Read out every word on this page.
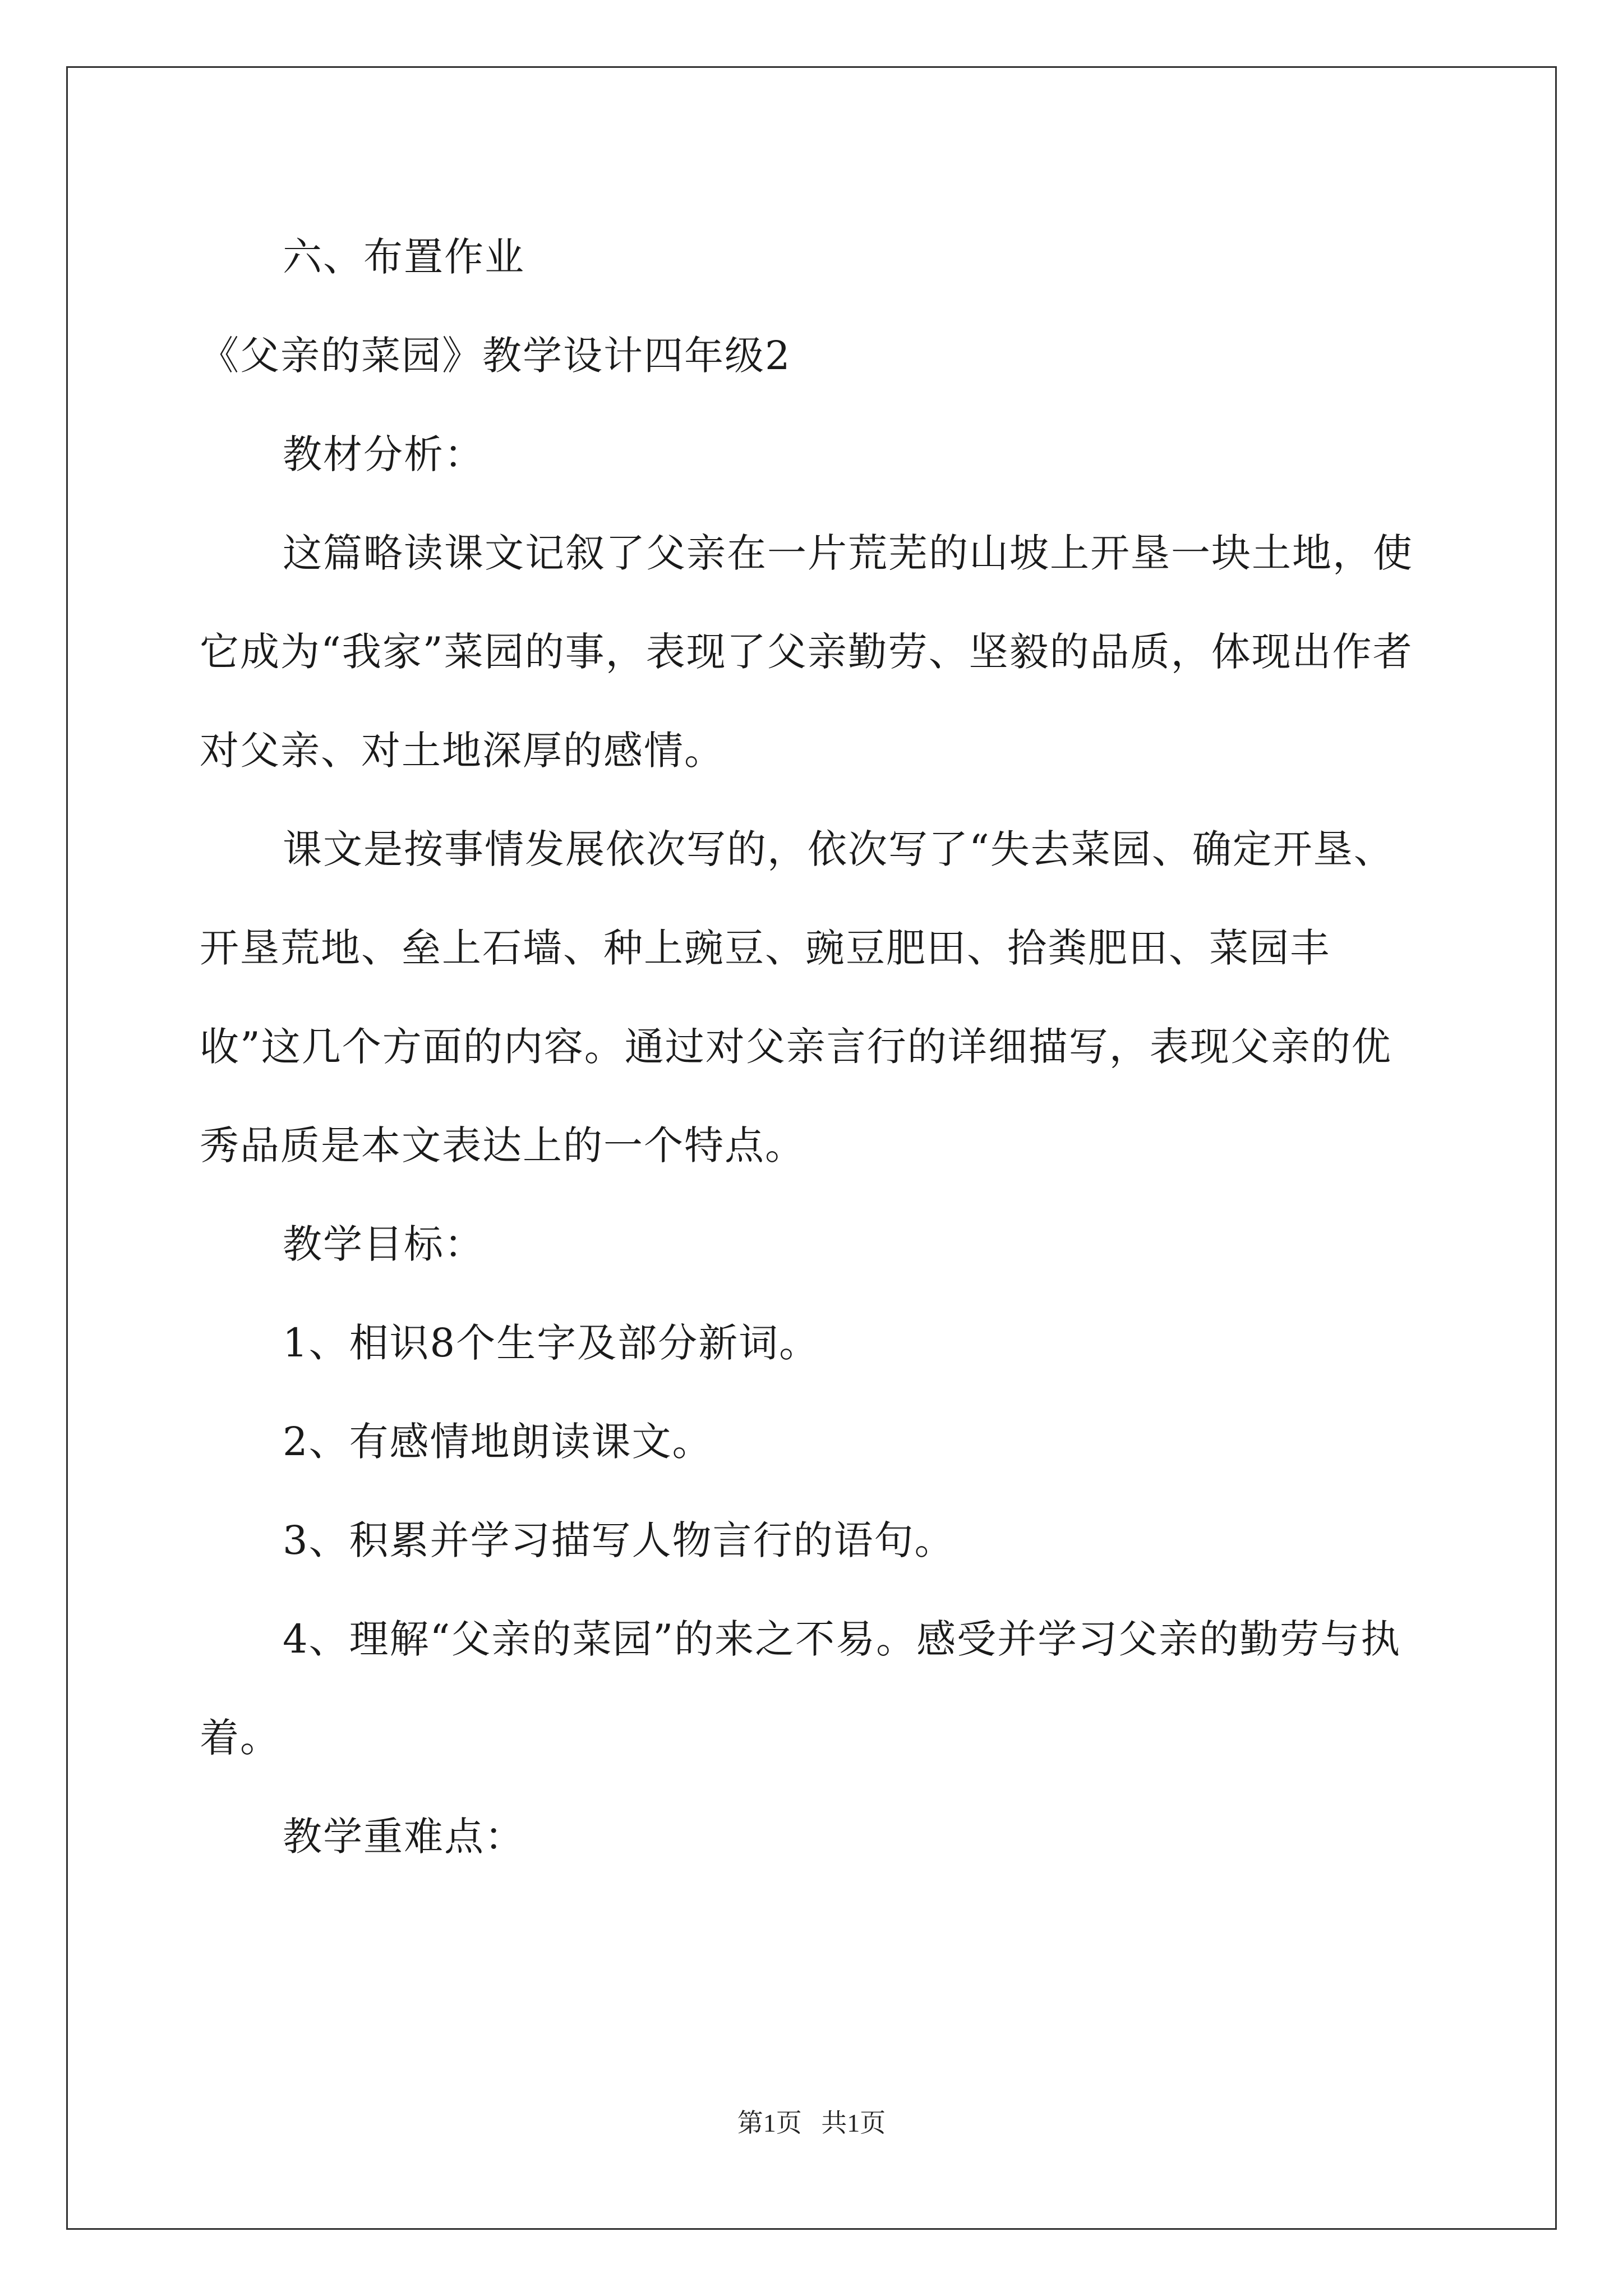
六、布置作业

《父亲的菜园》教学设计四年级2

教材分析：

这篇略读课文记叙了父亲在一片荒芜的山坡上开垦一块土地，使它成为“我家”菜园的事，表现了父亲勤劳、坚毅的品质，体现出作者对父亲、对土地深厚的感情。

课文是按事情发展依次写的，依次写了“失去菜园、确定开垦、开垦荒地、垒上石墙、种上豌豆、豌豆肥田、拾粪肥田、菜园丰收”这几个方面的内容。通过对父亲言行的详细描写，表现父亲的优秀品质是本文表达上的一个特点。

教学目标：

1、相识8个生字及部分新词。

2、有感情地朗读课文。

3、积累并学习描写人物言行的语句。

4、理解“父亲的菜园”的来之不易。感受并学习父亲的勤劳与执着。

教学重难点：

第1页   共1页
